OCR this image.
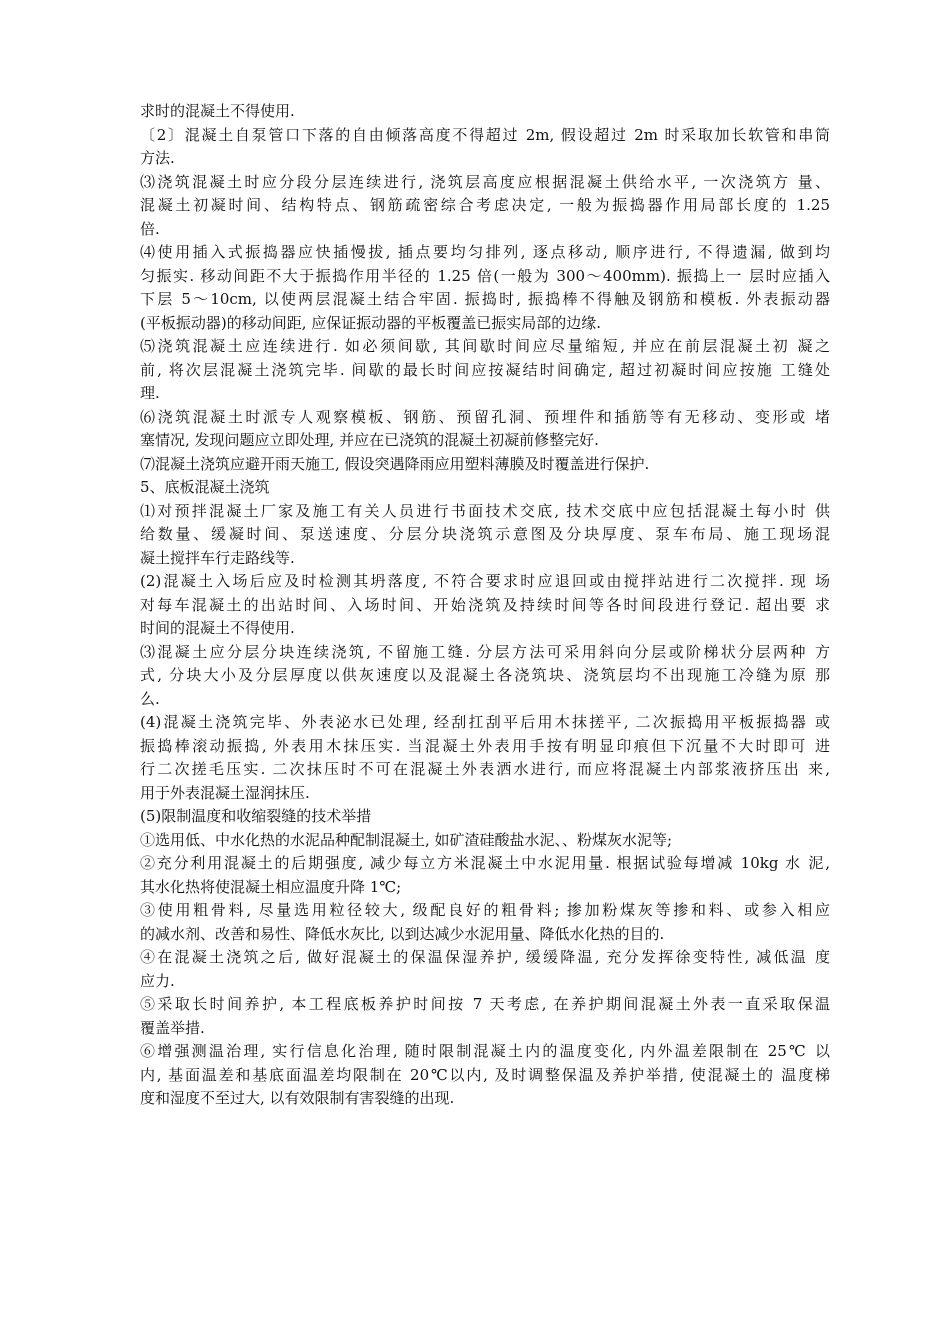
求时的混凝土不得使用.
〔2〕混凝土自泵管口下落的自由倾落高度不得超过 2m, 假设超过 2m 时采取加长软管和串筒
方法.
⑶浇筑混凝土时应分段分层连续进行, 浇筑层高度应根据混凝土供给水平, 一次浇筑方 量、
混凝土初凝时间、结构特点、钢筋疏密综合考虑决定, 一般为振捣器作用局部长度的 1.25
倍.
⑷使用插入式振捣器应快插慢拔, 插点要均匀排列, 逐点移动, 顺序进行, 不得遗漏, 做到均
匀振实. 移动间距不大于振捣作用半径的 1.25 倍(一般为 300〜400mm). 振捣上一 层时应插入
下层 5〜10cm, 以使两层混凝土结合牢固. 振捣时, 振捣棒不得触及钢筋和模板. 外表振动器
(平板振动器)的移动间距, 应保证振动器的平板覆盖已振实局部的边缘.
⑸浇筑混凝土应连续进行. 如必须间歇, 其间歇时间应尽量缩短, 并应在前层混凝土初 凝之
前, 将次层混凝土浇筑完毕. 间歇的最长时间应按凝结时间确定, 超过初凝时间应按施 工缝处
理.
⑹浇筑混凝土时派专人观察模板、钢筋、预留孔洞、预埋件和插筋等有无移动、变形或 堵
塞情况, 发现问题应立即处理, 并应在已浇筑的混凝土初凝前修整完好.
⑺混凝土浇筑应避开雨天施工, 假设突遇降雨应用塑料薄膜及时覆盖进行保护.
5、底板混凝土浇筑
⑴对预拌混凝土厂家及施工有关人员进行书面技术交底, 技术交底中应包括混凝土每小时 供
给数量、缓凝时间、泵送速度、分层分块浇筑示意图及分块厚度、泵车布局、施工现场混
凝土搅拌车行走路线等.
(2)混凝土入场后应及时检测其坍落度, 不符合要求时应退回或由搅拌站进行二次搅拌. 现 场
对每车混凝土的出站时间、入场时间、开始浇筑及持续时间等各时间段进行登记. 超出要 求
时间的混凝土不得使用.
⑶混凝土应分层分块连续浇筑, 不留施工缝. 分层方法可采用斜向分层或阶梯状分层两种 方
式, 分块大小及分层厚度以供灰速度以及混凝土各浇筑块、浇筑层均不出现施工冷缝为原 那
么.
(4)混凝土浇筑完毕、外表泌水已处理, 经刮扛刮平后用木抹搓平, 二次振捣用平板振捣器 或
振捣棒滚动振捣, 外表用木抹压实. 当混凝土外表用手按有明显印痕但下沉量不大时即可 进
行二次搓毛压实. 二次抹压时不可在混凝土外表洒水进行, 而应将混凝土内部浆液挤压出 来,
用于外表混凝土湿润抹压.
(5)限制温度和收缩裂缝的技术举措
①选用低、中水化热的水泥品种配制混凝土, 如矿渣硅酸盐水泥、、粉煤灰水泥等;
②充分利用混凝土的后期强度, 减少每立方米混凝土中水泥用量. 根据试验每增减 10kg 水 泥,
其水化热将使混凝土相应温度升降 1℃;
③使用粗骨料, 尽量选用粒径较大, 级配良好的粗骨料; 掺加粉煤灰等掺和料、或参入相应
的减水剂、改善和易性、降低水灰比, 以到达减少水泥用量、降低水化热的目的.
④在混凝土浇筑之后, 做好混凝土的保温保湿养护, 缓缓降温, 充分发挥徐变特性, 减低温 度
应力.
⑤采取长时间养护, 本工程底板养护时间按 7 天考虑, 在养护期间混凝土外表一直采取保温
覆盖举措.
⑥增强测温治理, 实行信息化治理, 随时限制混凝土内的温度变化, 内外温差限制在 25℃ 以
内, 基面温差和基底面温差均限制在 20℃以内, 及时调整保温及养护举措, 使混凝土的 温度梯
度和湿度不至过大, 以有效限制有害裂缝的出现.
